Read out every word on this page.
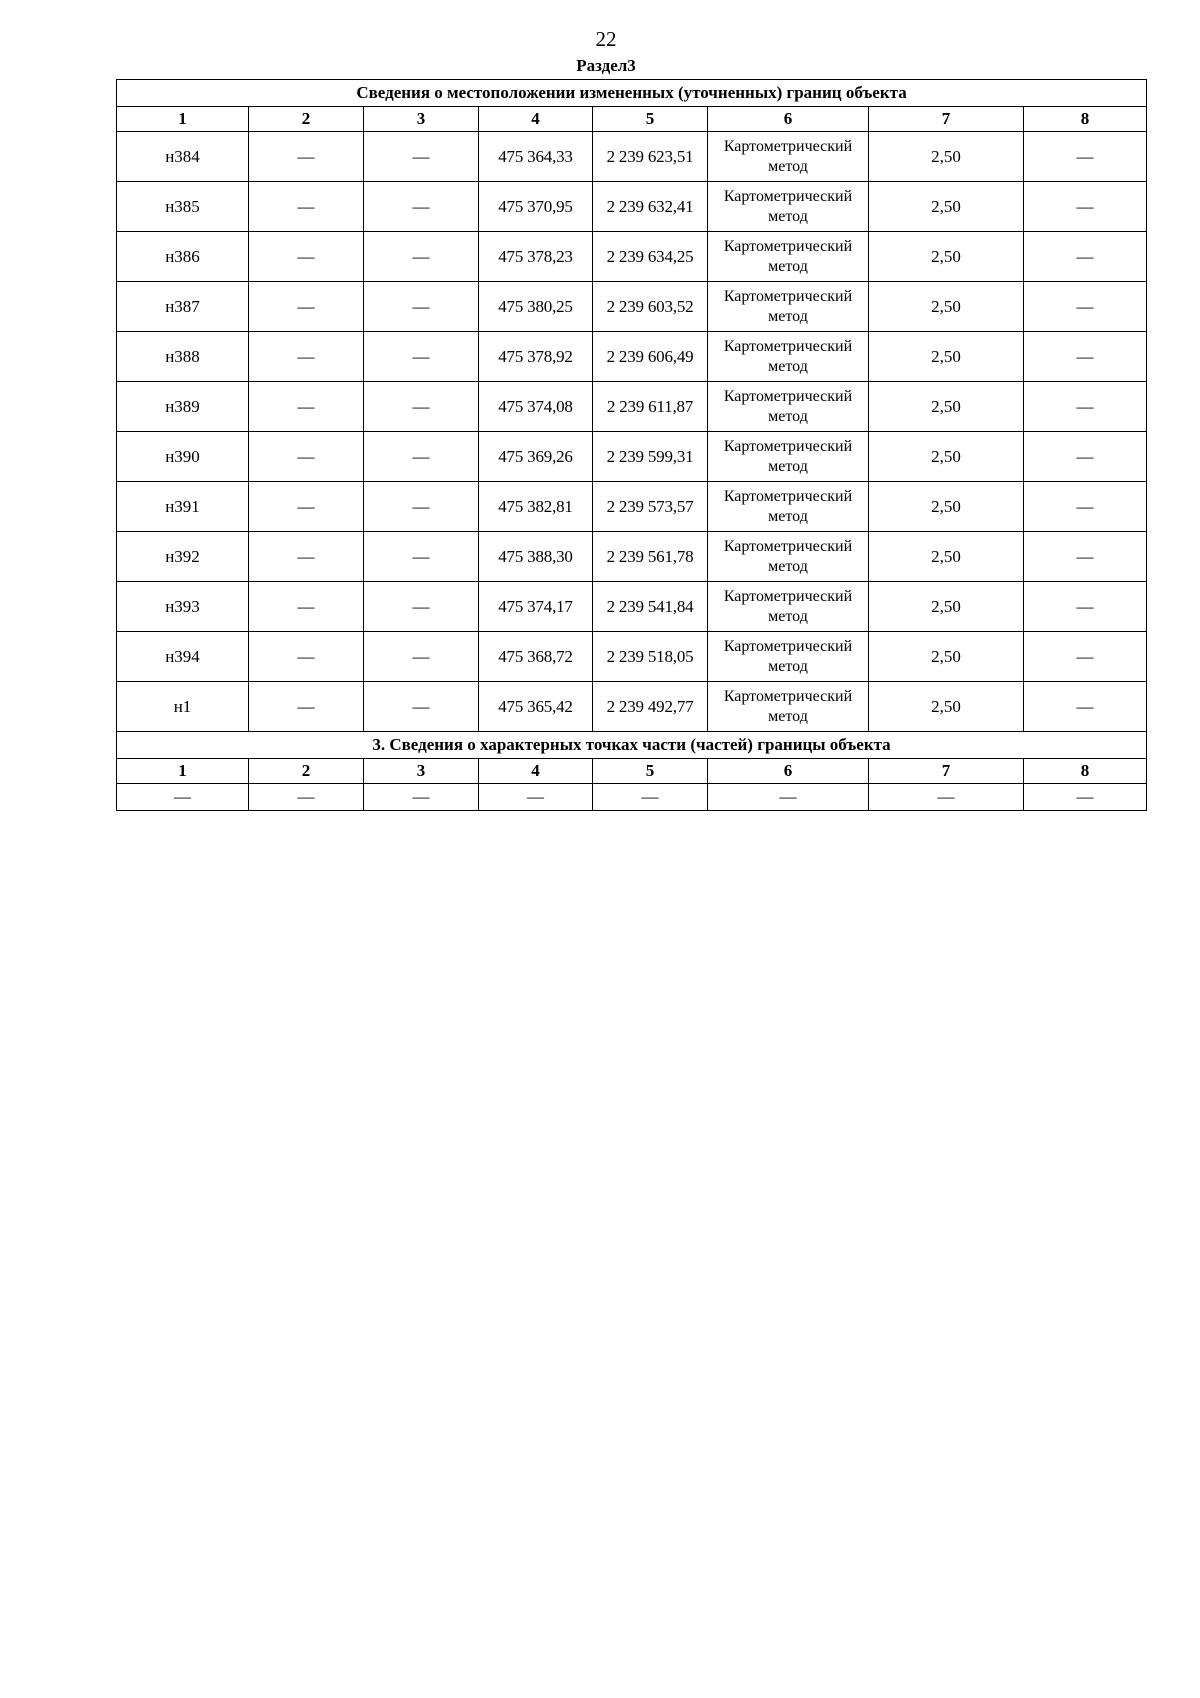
22
Раздел3
Сведения о местоположении измененных (уточненных) границ объекта							
1	2	3	4	5	6	7	8
н384	—	—	475 364,33	2 239 623,51	Картометрический метод	2,50	—
н385	—	—	475 370,95	2 239 632,41	Картометрический метод	2,50	—
н386	—	—	475 378,23	2 239 634,25	Картометрический метод	2,50	—
н387	—	—	475 380,25	2 239 603,52	Картометрический метод	2,50	—
н388	—	—	475 378,92	2 239 606,49	Картометрический метод	2,50	—
н389	—	—	475 374,08	2 239 611,87	Картометрический метод	2,50	—
н390	—	—	475 369,26	2 239 599,31	Картометрический метод	2,50	—
н391	—	—	475 382,81	2 239 573,57	Картометрический метод	2,50	—
н392	—	—	475 388,30	2 239 561,78	Картометрический метод	2,50	—
н393	—	—	475 374,17	2 239 541,84	Картометрический метод	2,50	—
н394	—	—	475 368,72	2 239 518,05	Картометрический метод	2,50	—
н1	—	—	475 365,42	2 239 492,77	Картометрический метод	2,50	—
3. Сведения о характерных точках части (частей) границы объекта							
1	2	3	4	5	6	7	8
—	—	—	—	—	—	—	—
